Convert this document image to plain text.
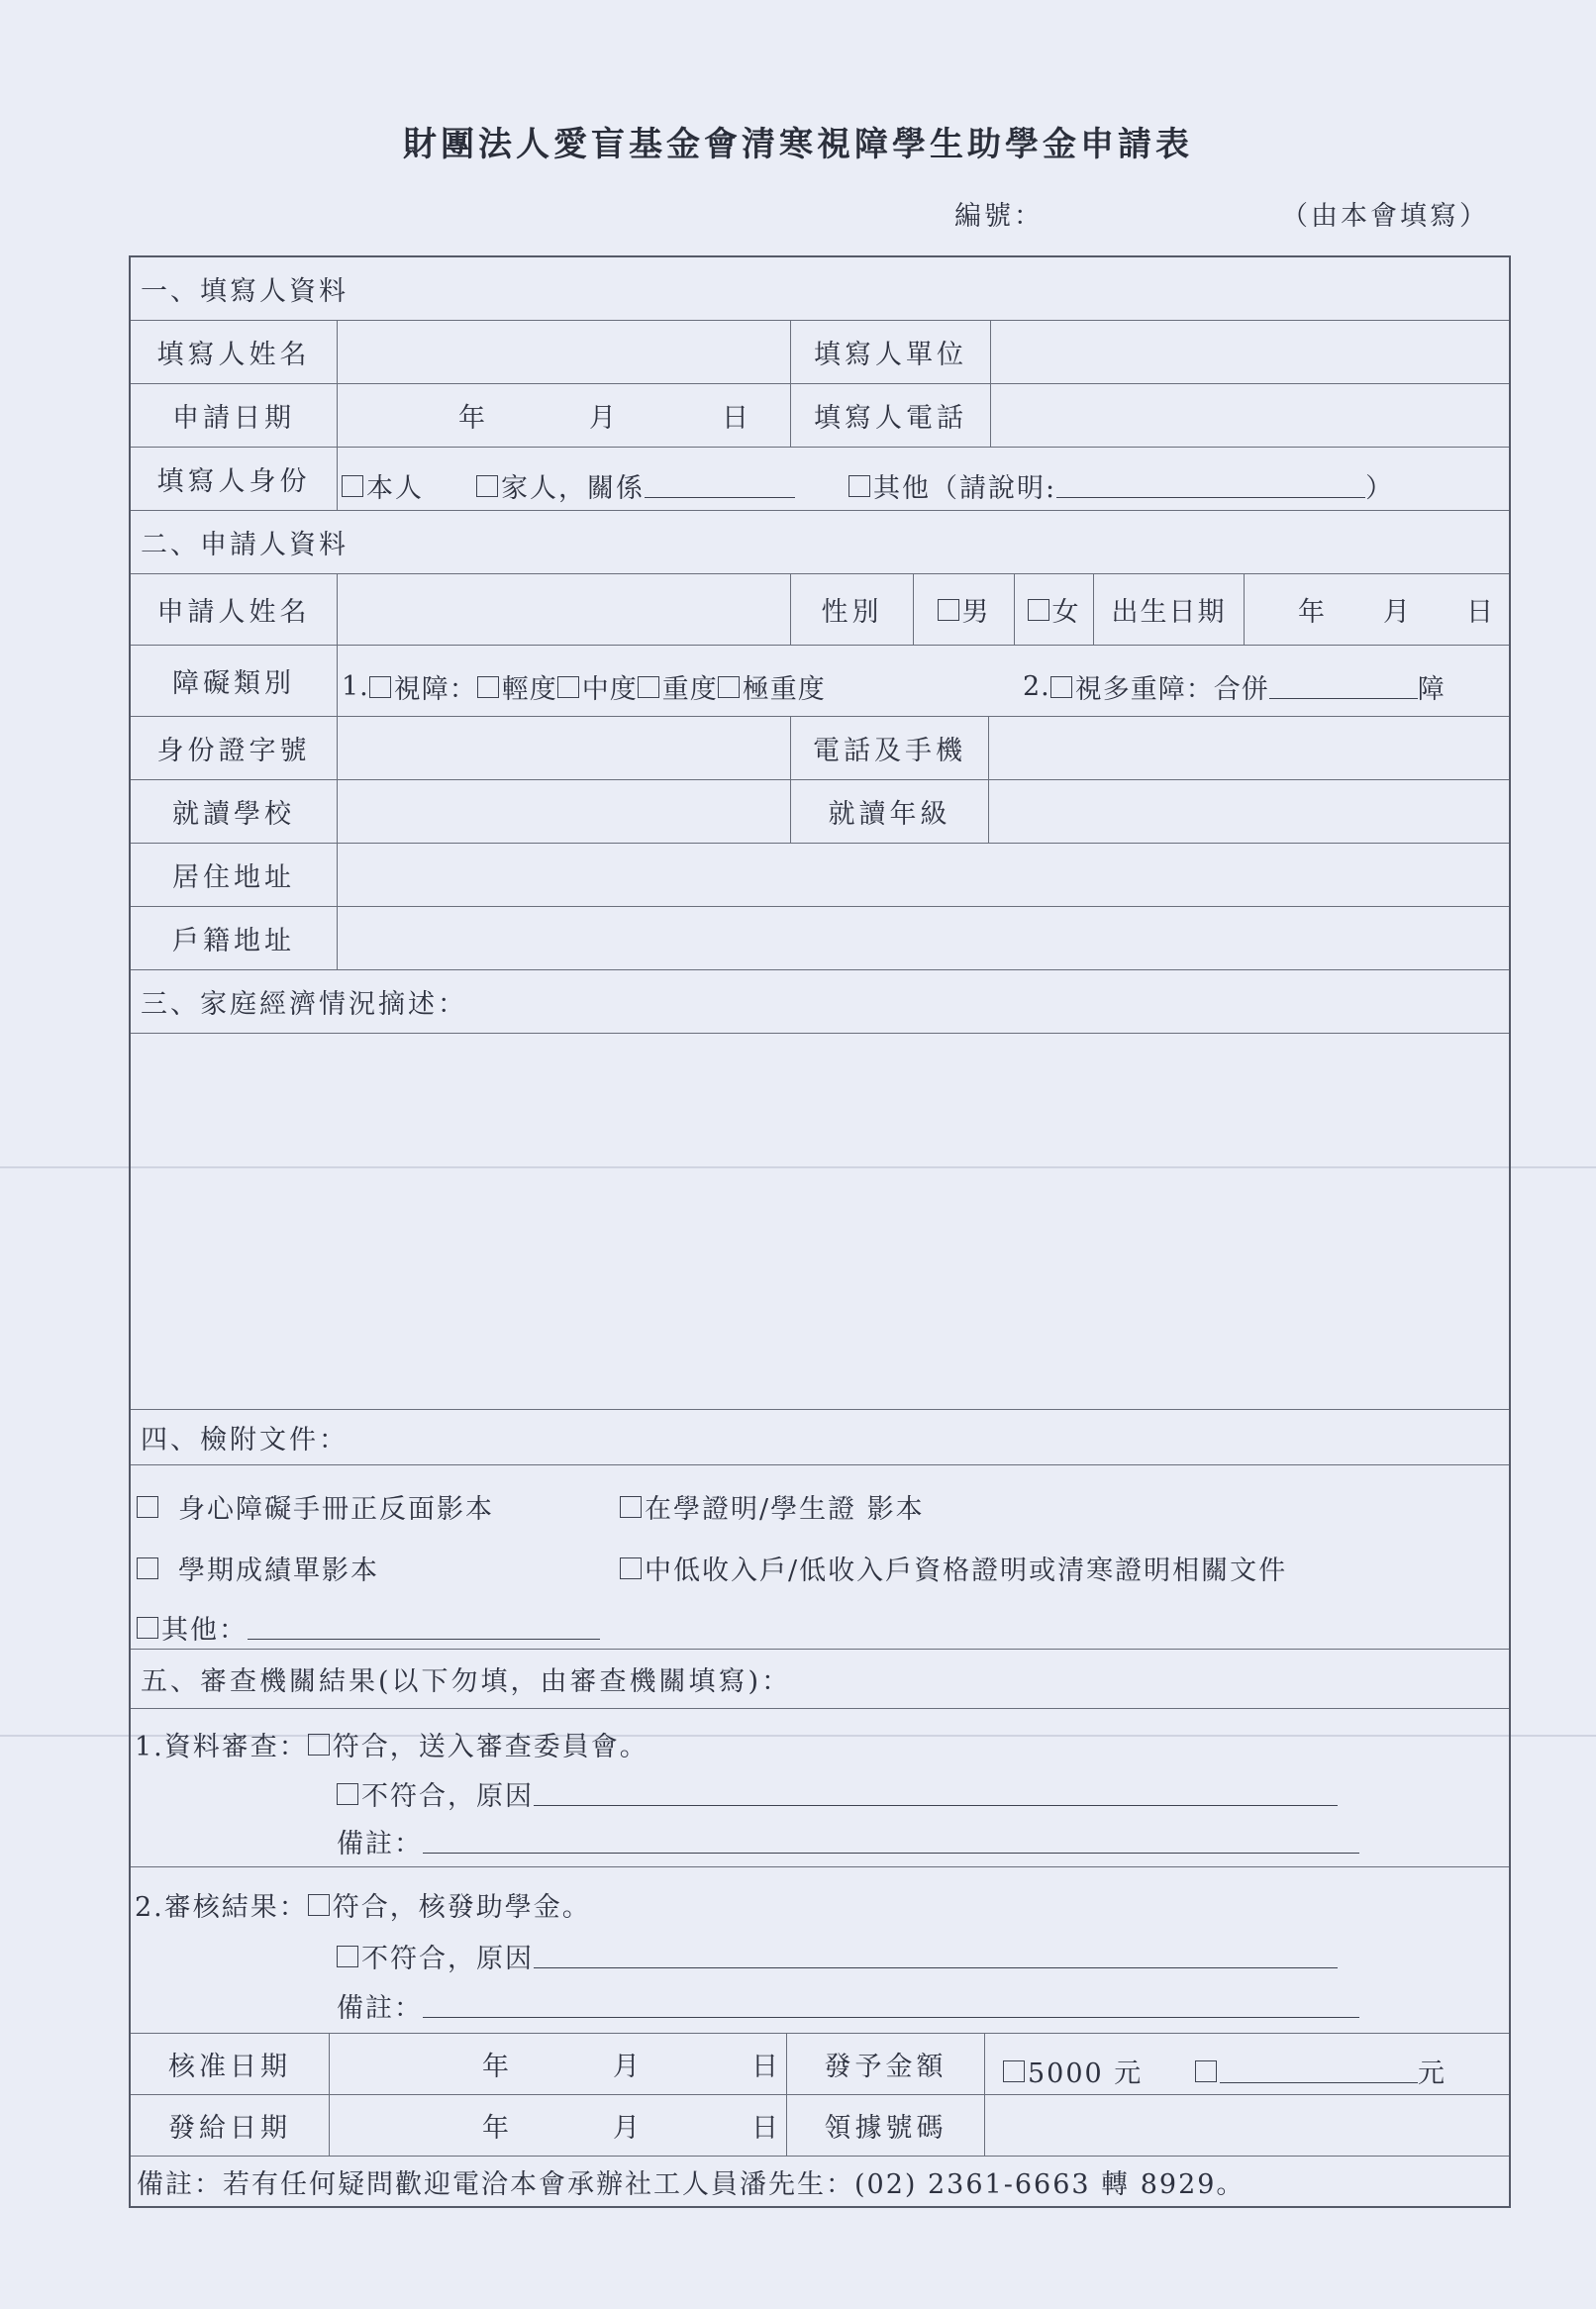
財團法人愛盲基金會清寒視障學生助學金申請表
編號：	（由本會填寫）
一、填寫人資料
填寫人姓名	填寫人單位
申請日期	年	月	日	填寫人電話
填寫人身份	本人	家人，關係	其他（請說明:	）
二、申請人資料
申請人姓名	性別	男 女	出生日期	年 月 日
障礙類別	1. 視障： 輕度 中度 重度 極重度	2. 視多重障：合併	障
身份證字號	電話及手機
就讀學校	就讀年級
居住地址
戶籍地址
三、家庭經濟情況摘述：
四、檢附文件：
身心障礙手冊正反面影本	在學證明/學生證 影本
學期成績單影本	中低收入戶/低收入戶資格證明或清寒證明相關文件
其他：
五、審查機關結果(以下勿填，由審查機關填寫)：
1.資料審查： 符合，送入審查委員會。
不符合，原因
備註：
2.審核結果： 符合，核發助學金。
不符合，原因
備註：
核准日期	年	月	日	發予金額	5000 元	元
發給日期	年	月	日	領據號碼
備註：若有任何疑問歡迎電洽本會承辦社工人員潘先生：(02) 2361-6663 轉 8929。
